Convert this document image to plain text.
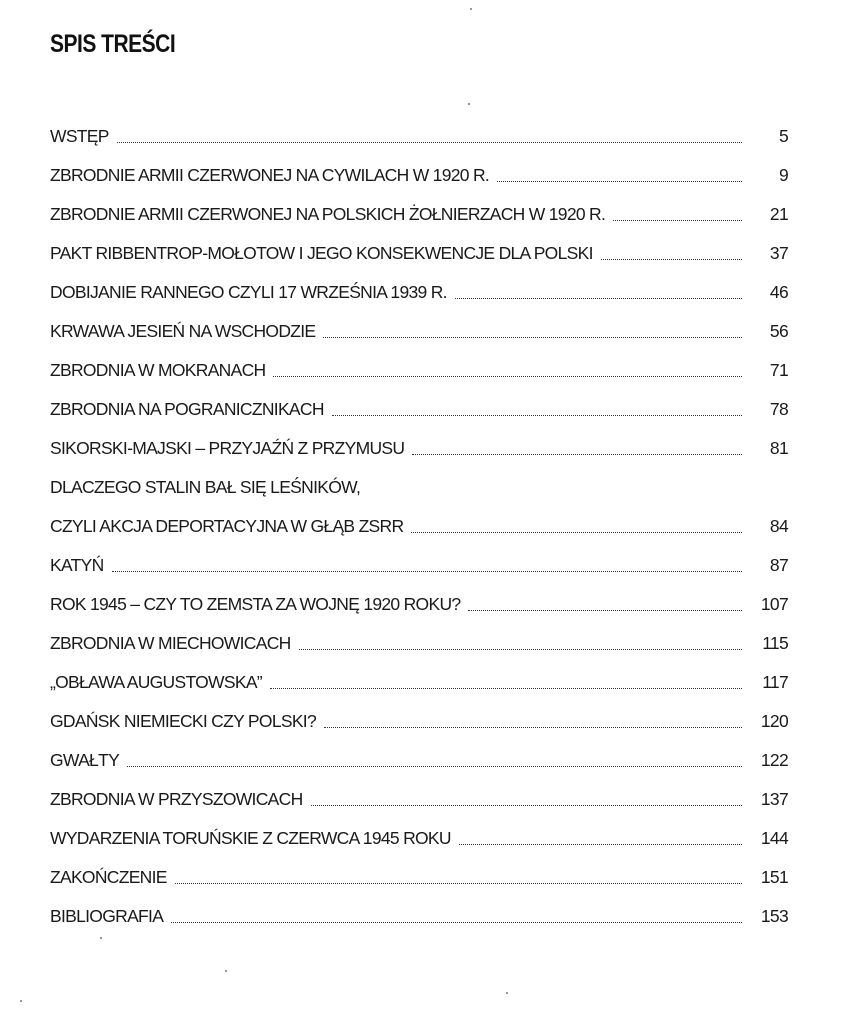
SPIS TREŚCI
WSTĘP	5
ZBRODNIE ARMII CZERWONEJ NA CYWILACH W 1920 R.	9
ZBRODNIE ARMII CZERWONEJ NA POLSKICH ŻOŁNIERZACH W 1920 R.	21
PAKT RIBBENTROP-MOŁOTOW I JEGO KONSEKWENCJE DLA POLSKI	37
DOBIJANIE RANNEGO CZYLI 17 WRZEŚNIA 1939 R.	46
KRWAWA JESIEŃ NA WSCHODZIE	56
ZBRODNIA W MOKRANACH	71
ZBRODNIA NA POGRANICZNIKACH	78
SIKORSKI-MAJSKI – PRZYJAŹŃ Z PRZYMUSU	81
DLACZEGO STALIN BAŁ SIĘ LEŚNIKÓW,
CZYLI AKCJA DEPORTACYJNA W GŁĄB ZSRR	84
KATYŃ	87
ROK 1945 – CZY TO ZEMSTA ZA WOJNĘ 1920 ROKU?	107
ZBRODNIA W MIECHOWICACH	115
„OBŁAWA AUGUSTOWSKA”	117
GDAŃSK NIEMIECKI CZY POLSKI?	120
GWAŁTY	122
ZBRODNIA W PRZYSZOWICACH	137
WYDARZENIA TORUŃSKIE Z CZERWCA 1945 ROKU	144
ZAKOŃCZENIE	151
BIBLIOGRAFIA	153
